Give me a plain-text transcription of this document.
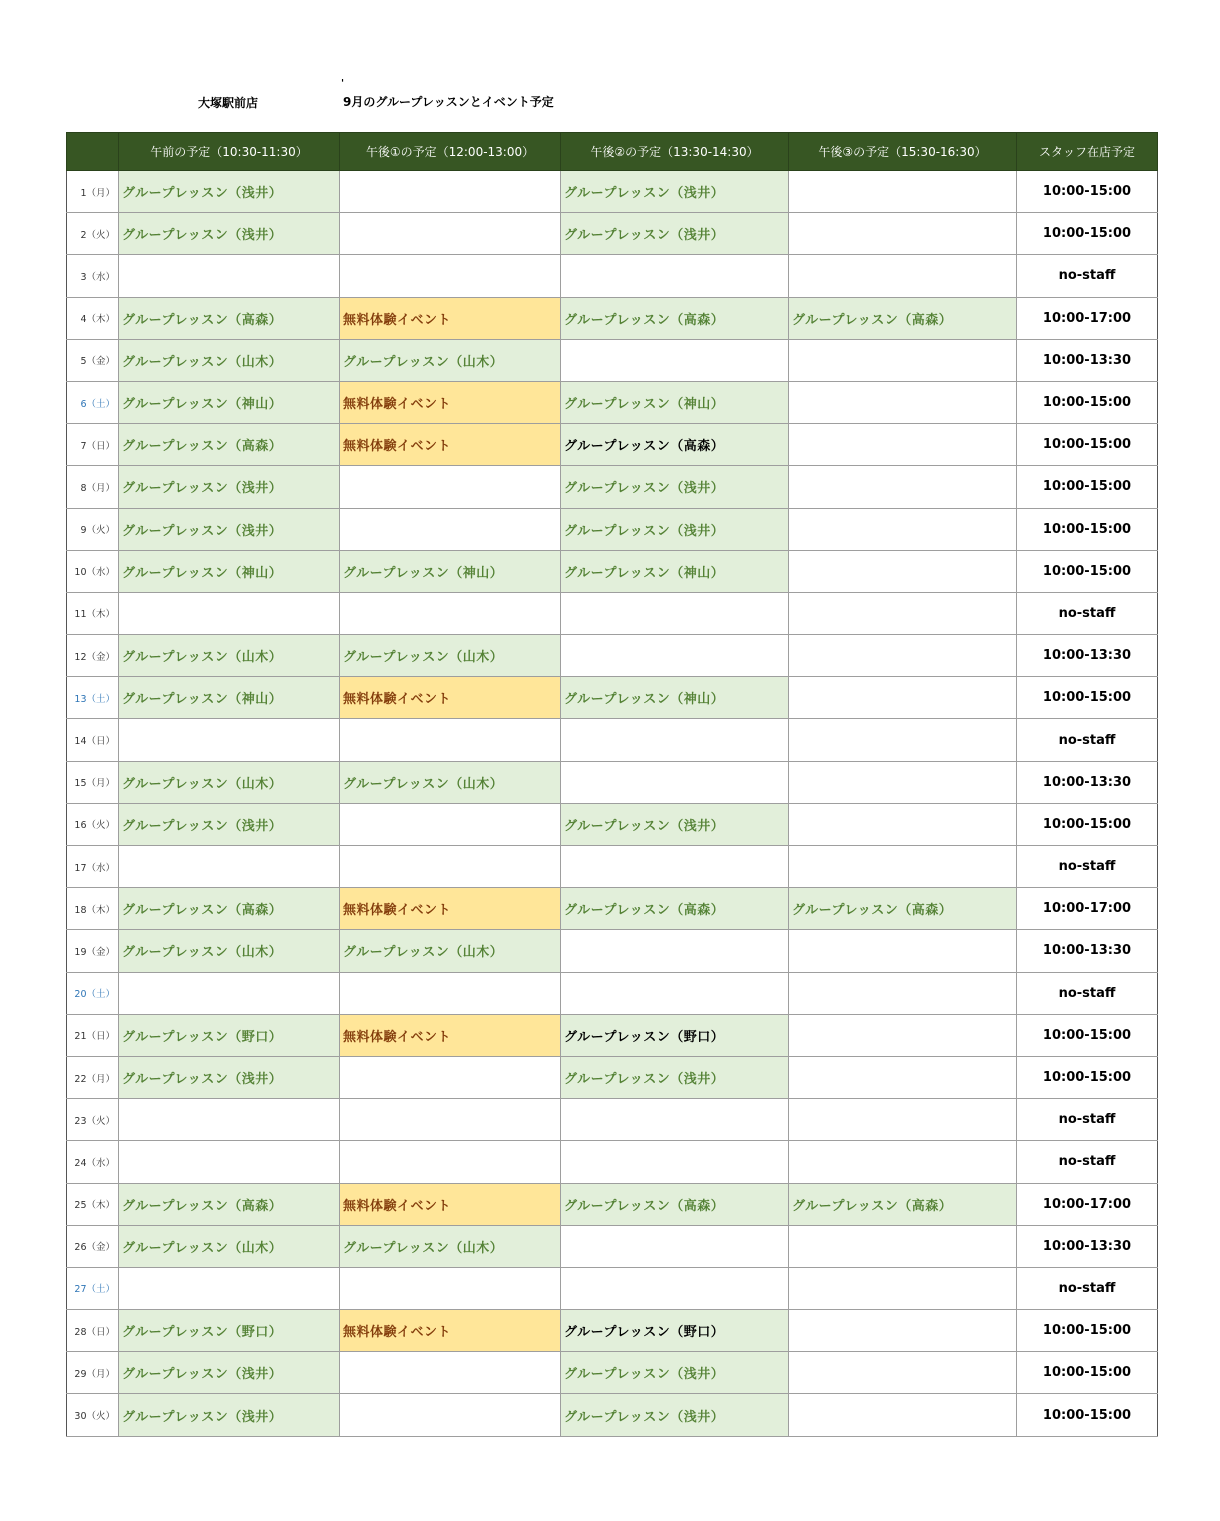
'
大塚駅前店	9月のグループレッスンとイベント予定
	午前の予定（10:30-11:30）	午後①の予定（12:00-13:00）	午後②の予定（13:30-14:30）	午後③の予定（15:30-16:30）	スタッフ在店予定
1（月）	グループレッスン（浅井）		グループレッスン（浅井）		10:00-15:00
2（火）	グループレッスン（浅井）		グループレッスン（浅井）		10:00-15:00
3（水）					no-staff
4（木）	グループレッスン（高森）	無料体験イベント	グループレッスン（高森）	グループレッスン（高森）	10:00-17:00
5（金）	グループレッスン（山木）	グループレッスン（山木）			10:00-13:30
6（土）	グループレッスン（神山）	無料体験イベント	グループレッスン（神山）		10:00-15:00
7（日）	グループレッスン（高森）	無料体験イベント	グループレッスン（高森）		10:00-15:00
8（月）	グループレッスン（浅井）		グループレッスン（浅井）		10:00-15:00
9（火）	グループレッスン（浅井）		グループレッスン（浅井）		10:00-15:00
10（水）	グループレッスン（神山）	グループレッスン（神山）	グループレッスン（神山）		10:00-15:00
11（木）					no-staff
12（金）	グループレッスン（山木）	グループレッスン（山木）			10:00-13:30
13（土）	グループレッスン（神山）	無料体験イベント	グループレッスン（神山）		10:00-15:00
14（日）					no-staff
15（月）	グループレッスン（山木）	グループレッスン（山木）			10:00-13:30
16（火）	グループレッスン（浅井）		グループレッスン（浅井）		10:00-15:00
17（水）					no-staff
18（木）	グループレッスン（高森）	無料体験イベント	グループレッスン（高森）	グループレッスン（高森）	10:00-17:00
19（金）	グループレッスン（山木）	グループレッスン（山木）			10:00-13:30
20（土）					no-staff
21（日）	グループレッスン（野口）	無料体験イベント	グループレッスン（野口）		10:00-15:00
22（月）	グループレッスン（浅井）		グループレッスン（浅井）		10:00-15:00
23（火）					no-staff
24（水）					no-staff
25（木）	グループレッスン（高森）	無料体験イベント	グループレッスン（高森）	グループレッスン（高森）	10:00-17:00
26（金）	グループレッスン（山木）	グループレッスン（山木）			10:00-13:30
27（土）					no-staff
28（日）	グループレッスン（野口）	無料体験イベント	グループレッスン（野口）		10:00-15:00
29（月）	グループレッスン（浅井）		グループレッスン（浅井）		10:00-15:00
30（火）	グループレッスン（浅井）		グループレッスン（浅井）		10:00-15:00
